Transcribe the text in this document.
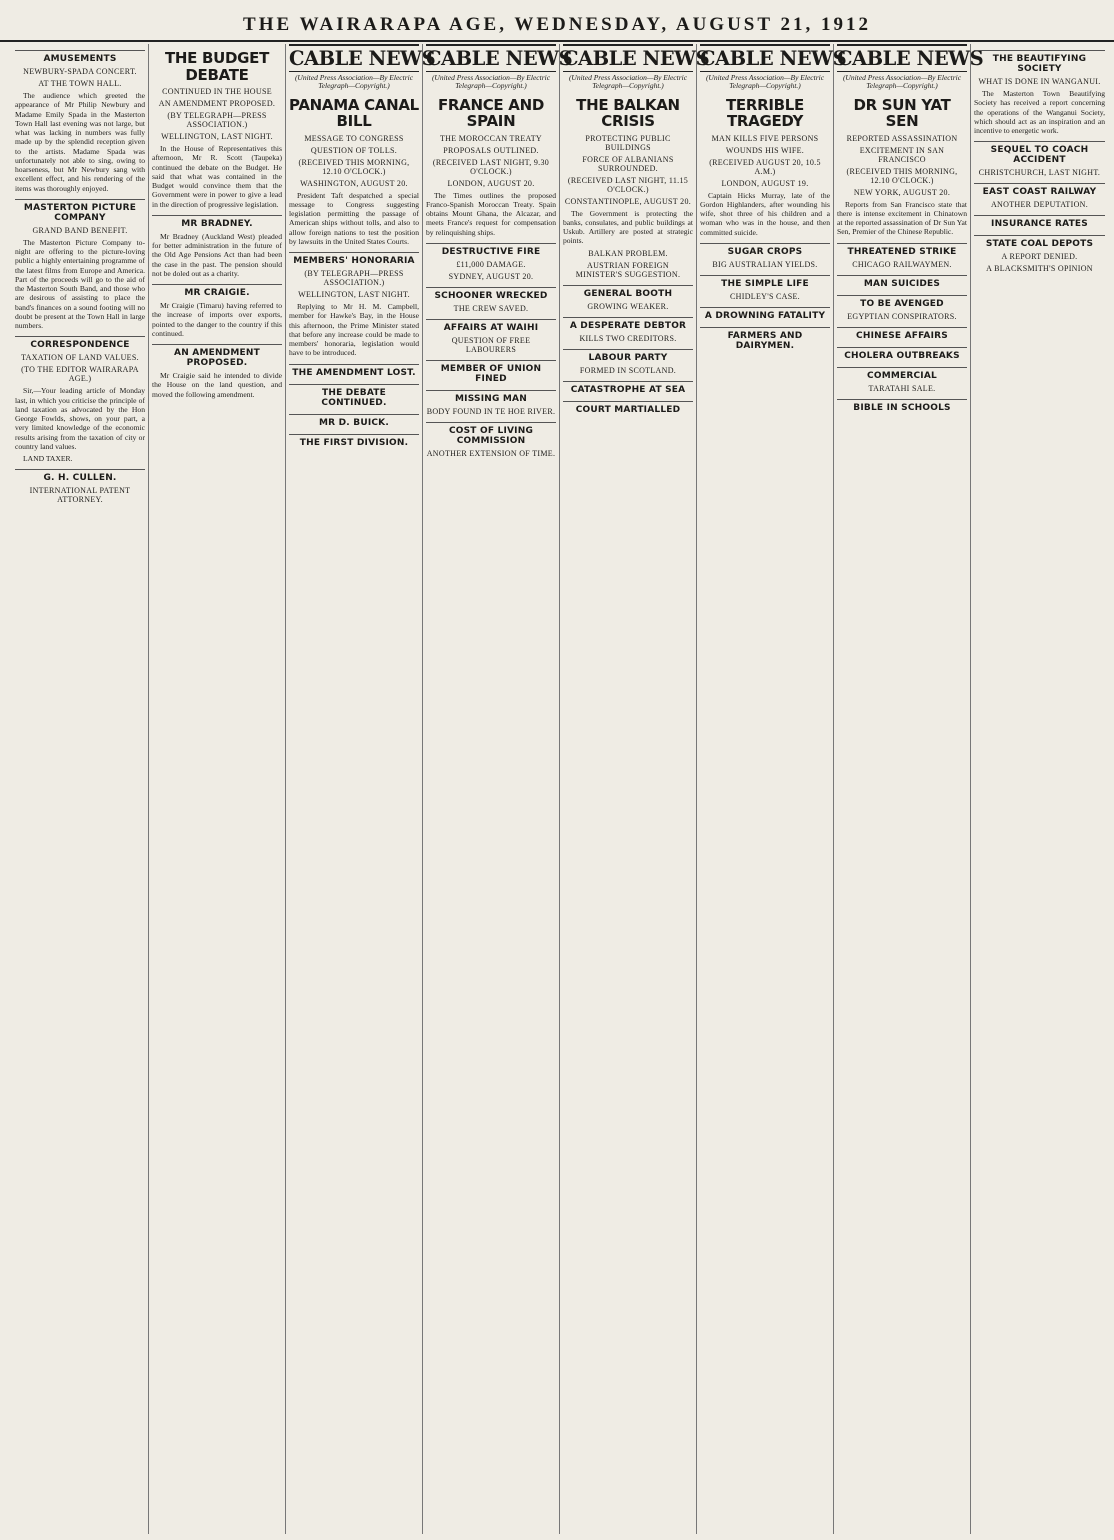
THE WAIRARAPA AGE, WEDNESDAY, AUGUST 21, 1912
AMUSEMENTS
NEWBURY-SPADA CONCERT.
AT THE TOWN HALL.
The audience which greeted the appearance of Mr Philip Newbury and Madame Emily Spada in the Masterton Town Hall last evening was not large, but what was lacking in numbers was fully made up by the splendid reception given to the artists. Madame Spada was unfortunately not able to sing, owing to hoarseness, but Mr Newbury sang with excellent effect, and his rendering of the items was thoroughly enjoyed.
MASTERTON PICTURE COMPANY
GRAND BAND BENEFIT.
The Masterton Picture Company to-night are offering to the picture-loving public a highly entertaining programme of the latest films from Europe and America. Part of the proceeds will go to the aid of the Masterton South Band, and those who are desirous of assisting to place the band's finances on a sound footing will no doubt be present at the Town Hall in large numbers.
CORRESPONDENCE
TAXATION OF LAND VALUES.
(TO THE EDITOR WAIRARAPA AGE.)
Sir,—Your leading article of Monday last, in which you criticise the principle of land taxation as advocated by the Hon George Fowlds, shows, on your part, a very limited knowledge of the economic results arising from the taxation of city or country land values.
LAND TAXER.
G. H. CULLEN.
INTERNATIONAL PATENT ATTORNEY.
THE BUDGET DEBATE
CONTINUED IN THE HOUSE
AN AMENDMENT PROPOSED.
(BY TELEGRAPH—PRESS ASSOCIATION.)
WELLINGTON, LAST NIGHT.
In the House of Representatives this afternoon, Mr R. Scott (Taupeka) continued the debate on the Budget. He said that what was contained in the Budget would convince them that the Government were in power to give a lead in the direction of progressive legislation.
MR BRADNEY.
Mr Bradney (Auckland West) pleaded for better administration in the future of the Old Age Pensions Act than had been the case in the past. The pension should not be doled out as a charity.
MR CRAIGIE.
Mr Craigie (Timaru) having referred to the increase of imports over exports, pointed to the danger to the country if this continued.
AN AMENDMENT PROPOSED.
Mr Craigie said he intended to divide the House on the land question, and moved the following amendment.
CABLE NEWS
(United Press Association—By Electric Telegraph—Copyright.)
PANAMA CANAL BILL
MESSAGE TO CONGRESS
QUESTION OF TOLLS.
(RECEIVED THIS MORNING, 12.10 O'CLOCK.)
WASHINGTON, AUGUST 20.
President Taft despatched a special message to Congress suggesting legislation permitting the passage of American ships without tolls, and also to allow foreign nations to test the position by lawsuits in the United States Courts.
MEMBERS' HONORARIA
(BY TELEGRAPH—PRESS ASSOCIATION.)
WELLINGTON, LAST NIGHT.
Replying to Mr H. M. Campbell, member for Hawke's Bay, in the House this afternoon, the Prime Minister stated that before any increase could be made to members' honoraria, legislation would have to be introduced.
THE AMENDMENT LOST.
THE DEBATE CONTINUED.
MR D. BUICK.
THE FIRST DIVISION.
CABLE NEWS
(United Press Association—By Electric Telegraph—Copyright.)
FRANCE AND SPAIN
THE MOROCCAN TREATY
PROPOSALS OUTLINED.
(RECEIVED LAST NIGHT, 9.30 O'CLOCK.)
LONDON, AUGUST 20.
The Times outlines the proposed Franco-Spanish Moroccan Treaty. Spain obtains Mount Ghana, the Alcazar, and meets France's request for compensation by relinquishing ships.
DESTRUCTIVE FIRE
£11,000 DAMAGE.
SYDNEY, AUGUST 20.
SCHOONER WRECKED
THE CREW SAVED.
AFFAIRS AT WAIHI
QUESTION OF FREE LABOURERS
MEMBER OF UNION FINED
MISSING MAN
BODY FOUND IN TE HOE RIVER.
COST OF LIVING COMMISSION
ANOTHER EXTENSION OF TIME.
CABLE NEWS
(United Press Association—By Electric Telegraph—Copyright.)
THE BALKAN CRISIS
PROTECTING PUBLIC BUILDINGS
FORCE OF ALBANIANS SURROUNDED.
(RECEIVED LAST NIGHT, 11.15 O'CLOCK.)
CONSTANTINOPLE, AUGUST 20.
The Government is protecting the banks, consulates, and public buildings at Uskub. Artillery are posted at strategic points.
BALKAN PROBLEM.
AUSTRIAN FOREIGN MINISTER'S SUGGESTION.
GENERAL BOOTH
GROWING WEAKER.
A DESPERATE DEBTOR
KILLS TWO CREDITORS.
LABOUR PARTY
FORMED IN SCOTLAND.
CATASTROPHE AT SEA
COURT MARTIALLED
CABLE NEWS
(United Press Association—By Electric Telegraph—Copyright.)
TERRIBLE TRAGEDY
MAN KILLS FIVE PERSONS
WOUNDS HIS WIFE.
(RECEIVED AUGUST 20, 10.5 A.M.)
LONDON, AUGUST 19.
Captain Hicks Murray, late of the Gordon Highlanders, after wounding his wife, shot three of his children and a woman who was in the house, and then committed suicide.
SUGAR CROPS
BIG AUSTRALIAN YIELDS.
THE SIMPLE LIFE
CHIDLEY'S CASE.
A DROWNING FATALITY
FARMERS AND DAIRYMEN.
CABLE NEWS
(United Press Association—By Electric Telegraph—Copyright.)
DR SUN YAT SEN
REPORTED ASSASSINATION
EXCITEMENT IN SAN FRANCISCO
(RECEIVED THIS MORNING, 12.10 O'CLOCK.)
NEW YORK, AUGUST 20.
Reports from San Francisco state that there is intense excitement in Chinatown at the reported assassination of Dr Sun Yat Sen, Premier of the Chinese Republic.
THREATENED STRIKE
CHICAGO RAILWAYMEN.
MAN SUICIDES
TO BE AVENGED
EGYPTIAN CONSPIRATORS.
CHINESE AFFAIRS
CHOLERA OUTBREAKS
COMMERCIAL
TARATAHI SALE.
BIBLE IN SCHOOLS
THE BEAUTIFYING SOCIETY
WHAT IS DONE IN WANGANUI.
The Masterton Town Beautifying Society has received a report concerning the operations of the Wanganui Society, which should act as an inspiration and an incentive to energetic work.
SEQUEL TO COACH ACCIDENT
CHRISTCHURCH, LAST NIGHT.
EAST COAST RAILWAY
ANOTHER DEPUTATION.
INSURANCE RATES
STATE COAL DEPOTS
A REPORT DENIED.
A BLACKSMITH'S OPINION
